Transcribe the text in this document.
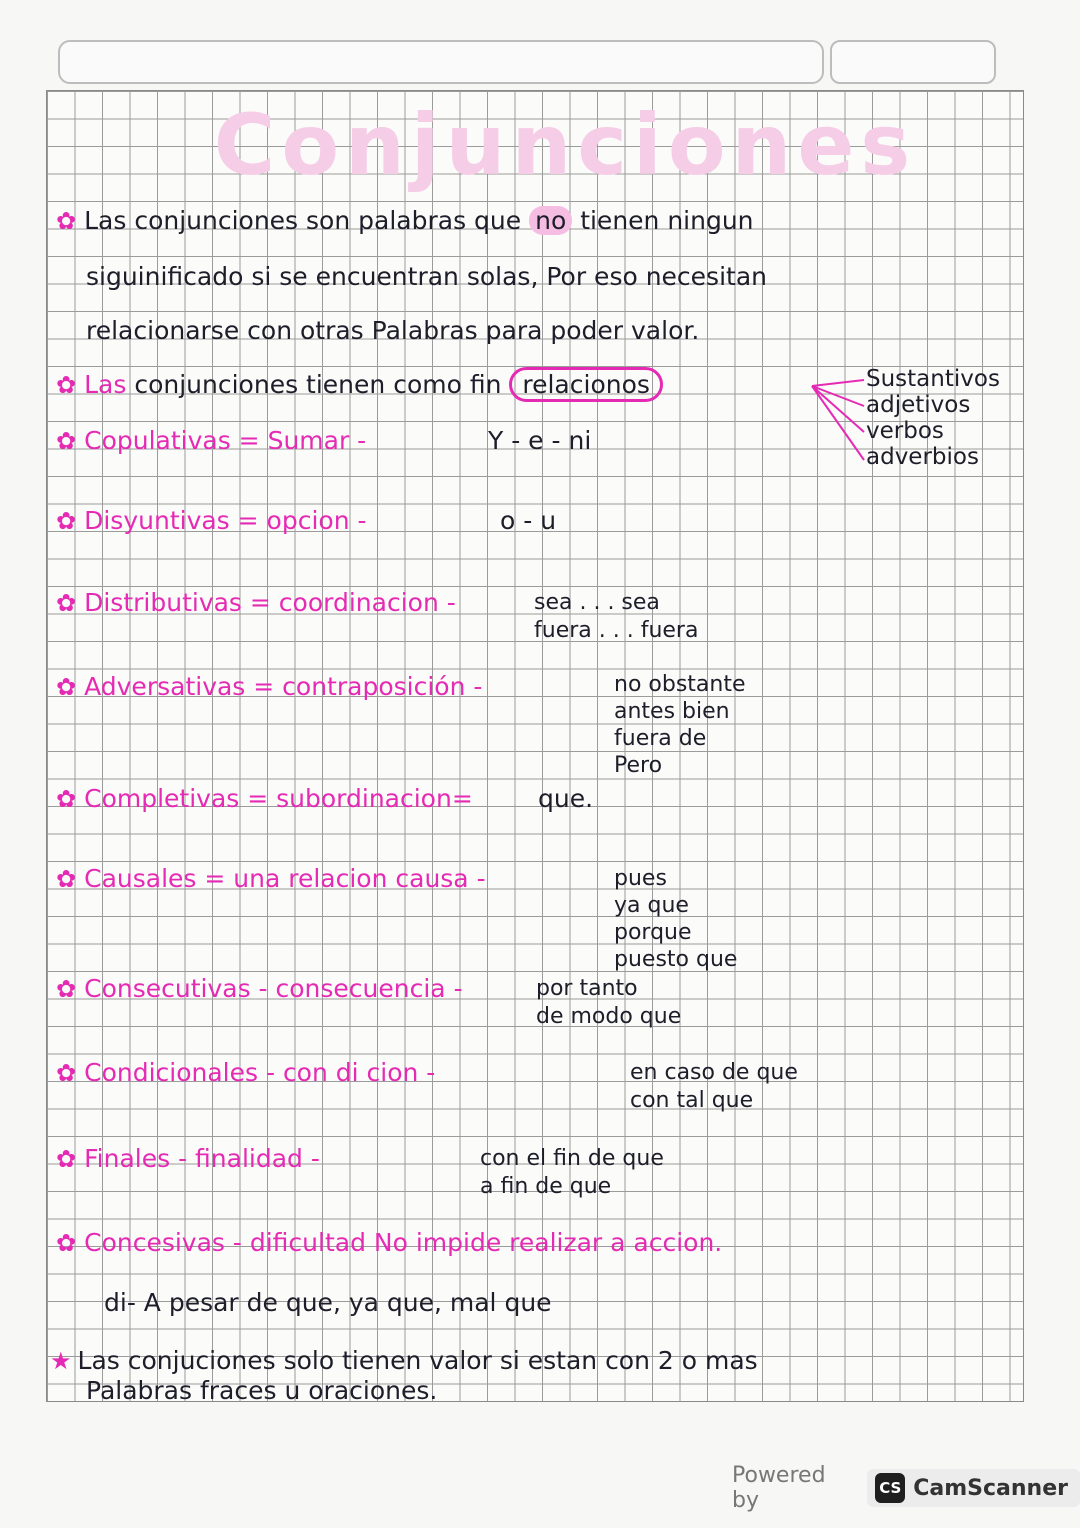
Conjunciones
✿ Las conjunciones son palabras que no tienen ningun
siguinificado si se encuentran solas, Por eso necesitan
relacionarse con otras Palabras para poder valor.
✿ Las conjunciones tienen como fin relacionos	Sustantivos
adjetivos
verbos
adverbios
✿ Copulativas = Sumar -	Y - e - ni
✿ Disyuntivas = opcion -	o - u
✿ Distributivas = coordinacion -	sea . . . sea
fuera . . . fuera
✿ Adversativas = contraposición -	no obstante
antes bien
fuera de
Pero
✿ Completivas = subordinacion=	que.
✿ Causales = una relacion causa -	pues
ya que
porque
puesto que
✿ Consecutivas - consecuencia -	por tanto
de modo que
✿ Condicionales - con di cion -	en caso de que
con tal que
✿ Finales - finalidad -	con el fin de que
a fin de que
✿ Concesivas - dificultad No impide realizar a accion.
di- A pesar de que, ya que, mal que
★ Las conjuciones solo tienen valor si estan con 2 o mas
Palabras fraces u oraciones.
Powered by	CS CamScanner
